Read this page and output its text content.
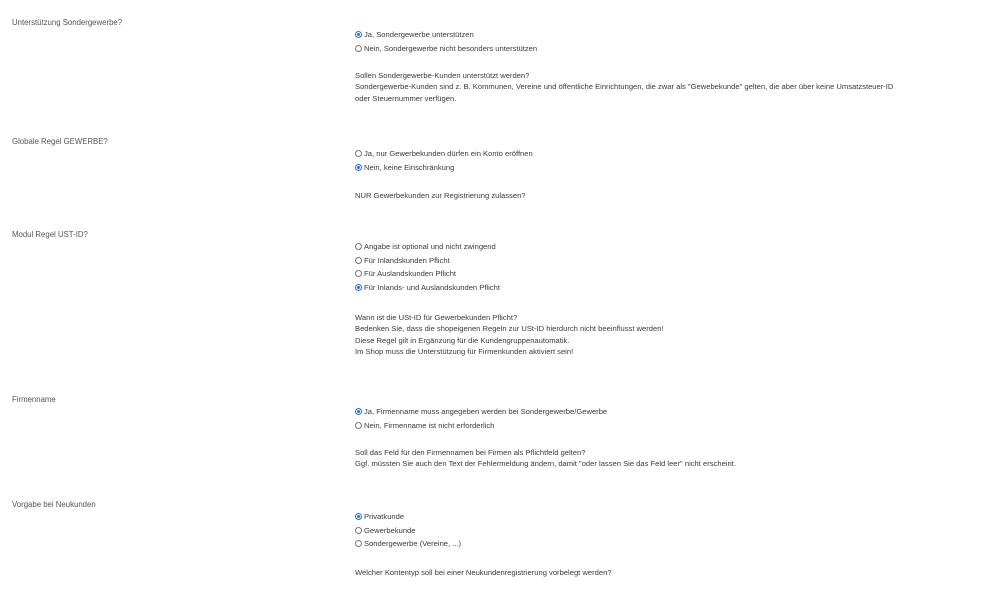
Unterstützung Sondergewerbe?
Ja, Sondergewerbe unterstützen
Nein, Sondergewerbe nicht besonders unterstützen
Sollen Sondergewerbe-Kunden unterstützt werden?
Sondergewerbe-Kunden sind z. B. Kommunen, Vereine und öffentliche Einrichtungen, die zwar als "Gewebekunde" gelten, die aber über keine Umsatzsteuer-ID
oder Steuernummer verfügen.
Globale Regel GEWERBE?
Ja, nur Gewerbekunden dürfen ein Konto eröffnen
Nein, keine Einschränkung
NUR Gewerbekunden zur Registrierung zulassen?
Modul Regel UST-ID?
Angabe ist optional und nicht zwingend
Für Inlandskunden Pflicht
Für Auslandskunden Pflicht
Für Inlands- und Auslandskunden Pflicht
Wann ist die USt-ID für Gewerbekunden Pflicht?
Bedenken Sie, dass die shopeigenen Regeln zur USt-ID hierdurch nicht beeinflusst werden!
Diese Regel gilt in Ergänzung für die Kundengruppenautomatik.
Im Shop muss die Unterstützung für Firmenkunden aktiviert sein!
Firmenname
Ja, Firmenname muss angegeben werden bei Sondergewerbe/Gewerbe
Nein, Firmenname ist nicht erforderlich
Soll das Feld für den Firmennamen bei Firmen als Pflichtfeld gelten?
Ggf. müssten Sie auch den Text der Fehlermeldung ändern, damit "oder lassen Sie das Feld leer" nicht erscheint.
Vorgabe bei Neukunden
Privatkunde
Gewerbekunde
Sondergewerbe (Vereine, ...)
Welcher Kontentyp soll bei einer Neukundenregistrierung vorbelegt werden?
